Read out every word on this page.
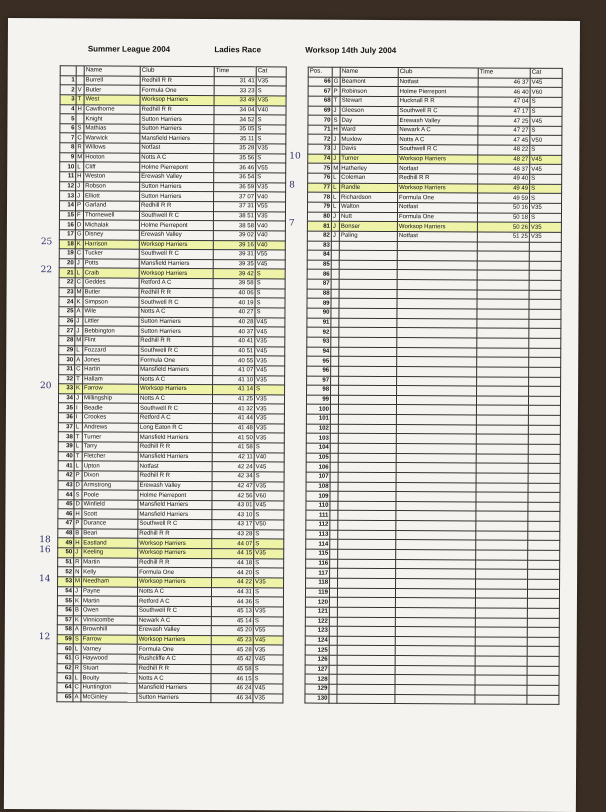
Summer League 2004	Ladies Race	Worksop 14th July 2004
		Name	Club	Time	Cat
1		Burrell	Redhill R R	31 41	V35
2	V	Butler	Formula One	33 23	S
3	T	West	Worksop Harriers	33 49	V35
4	H	Cawthorne	Redhill R R	34 04	V40
5		Knight	Sutton Harriers	34 52	S
6	S	Mathias	Sutton Harriers	35 05	S
7	C	Warwick	Mansfield Harriers	35 11	S
8	R	Willows	Notfast	35 28	V35
9	M	Hooton	Notts A C	35 56	S
10	L	Cliff	Holme Pierrepont	36 46	V55
11	H	Weston	Erewash Valley	36 54	S
12	J	Robson	Sutton Harriers	36 59	V35
13	J	Elliott	Sutton Harriers	37 07	V40
14	P	Garland	Redhill R R	37 31	V55
15	F	Thornewell	Southwell R C	38 51	V35
16	D	Michalak	Holme Pierrepont	38 58	V40
17	G	Disney	Erewash Valley	39 02	V40
18	K	Harrison	Worksop Harriers	39 16	V40
19	C	Tucker	Southwell R C	39 31	V55
20	J	Potts	Mansfield Harriers	39 35	V45
21	L	Craib	Worksop Harriers	39 42	S
22	C	Geddes	Retford A C	39 58	S
23	M	Butler	Redhill R R	40 06	S
24	K	Simpson	Southwell R C	40 19	S
25	A	Wile	Notts A C	40 27	S
26	J	Littler	Sutton Harriers	40 28	V45
27	J	Bebbington	Sutton Harriers	40 37	V45
28	M	Flint	Redhill R R	40 41	V35
29	L	Fozzard	Southwell R C	40 51	V45
30	A	Jones	Formula One	40 55	V35
31	C	Hartin	Mansfield Harriers	41 07	V45
32	T	Hallam	Notts A C	41 10	V35
33	K	Farrow	Worksop Harriers	41 14	S
34	J	Millingship	Notts A C	41 25	V35
35	I	Beadle	Southwell R C	41 32	V35
36	I	Crookes	Retford A C	41 44	V35
37	L	Andrews	Long Eaton R C	41 48	V35
38	T	Turner	Mansfield Harriers	41 50	V35
39	L	Tarry	Redhill R R	41 58	S
40	T	Fletcher	Mansfield Harriers	42 11	V40
41	L	Upton	Notfast	42 24	V45
42	P	Dixon	Redhill R R	42 34	S
43	D	Armstrong	Erewash Valley	42 47	V35
44	S	Poole	Holme Pierrepont	42 56	V60
45	D	Winfield	Mansfield Harriers	43 01	V45
46	H	Scott	Mansfield Harriers	43 10	S
47	P	Durance	Southwell R C	43 17	V50
48	B	Beari	Redhill R R	43 28	S
49	H	Eastland	Worksop Harriers	44 07	S
50	J	Keeling	Worksop Harriers	44 15	V35
51	R	Martin	Redhill R R	44 18	S
52	N	Kelly	Formula One	44 20	S
53	M	Needham	Worksop Harriers	44 22	V35
54	J	Payne	Notts A C	44 31	S
55	K	Martin	Retford A C	44 36	S
56	B	Owen	Southwell R C	45 13	V35
57	K	Vinnicombe	Newark A C	45 14	S
58	A	Brownhill	Erewash Valley	45 20	V55
59	S	Farrow	Worksop Harriers	45 23	V45
60	L	Varney	Formula One	45 28	V35
61	G	Haywood	Rushcliffe A C	45 42	V45
62	R	Stuart	Redhill R R	45 58	S
63	L	Boulty	Notts A C	46 15	S
64	C	Huntington	Mansfield Harriers	46 24	V45
65	A	McGinley	Sutton Harriers	46 34	V35
Pos.		Name	Club	Time	Cat
66	G	Beamont	Notfast	46 37	V45
67	P	Robinson	Holme Pierrepont	46 40	V60
68	T	Stewart	Hucknall R R	47 04	S
69	J	Gleeson	Southwell R C	47 17	S
70	S	Day	Erewash Valley	47 25	V45
71	H	Ward	Newark A C	47 27	S
72	J	Muxlow	Notts A C	47 45	V50
73	J	Davis	Southwell R C	48 22	S
74	J	Turner	Worksop Harriers	48 27	V45
75	M	Hatherley	Notfast	48 37	V45
76	L	Coleman	Redhill R R	49 40	S
77	L	Randle	Worksop Harriers	49 49	S
78	L	Richardson	Formula One	49 59	S
79	L	Walton	Notfast	50 16	V35
80	J	Nutt	Formula One	50 18	S
81	J	Bonser	Worksop Harriers	50 26	V35
82	J	Paling	Notfast	51 25	V35
83					
84					
85					
86					
87					
88					
89					
90					
91					
92					
93					
94					
95					
96					
97					
98					
99					
100					
101					
102					
103					
104					
105					
106					
107					
108					
109					
110					
111					
112					
113					
114					
115					
116					
117					
118					
119					
120					
121					
122					
123					
124					
125					
126					
127					
128					
129					
130					
25
22
20
18
16
14
12
10
8
7
